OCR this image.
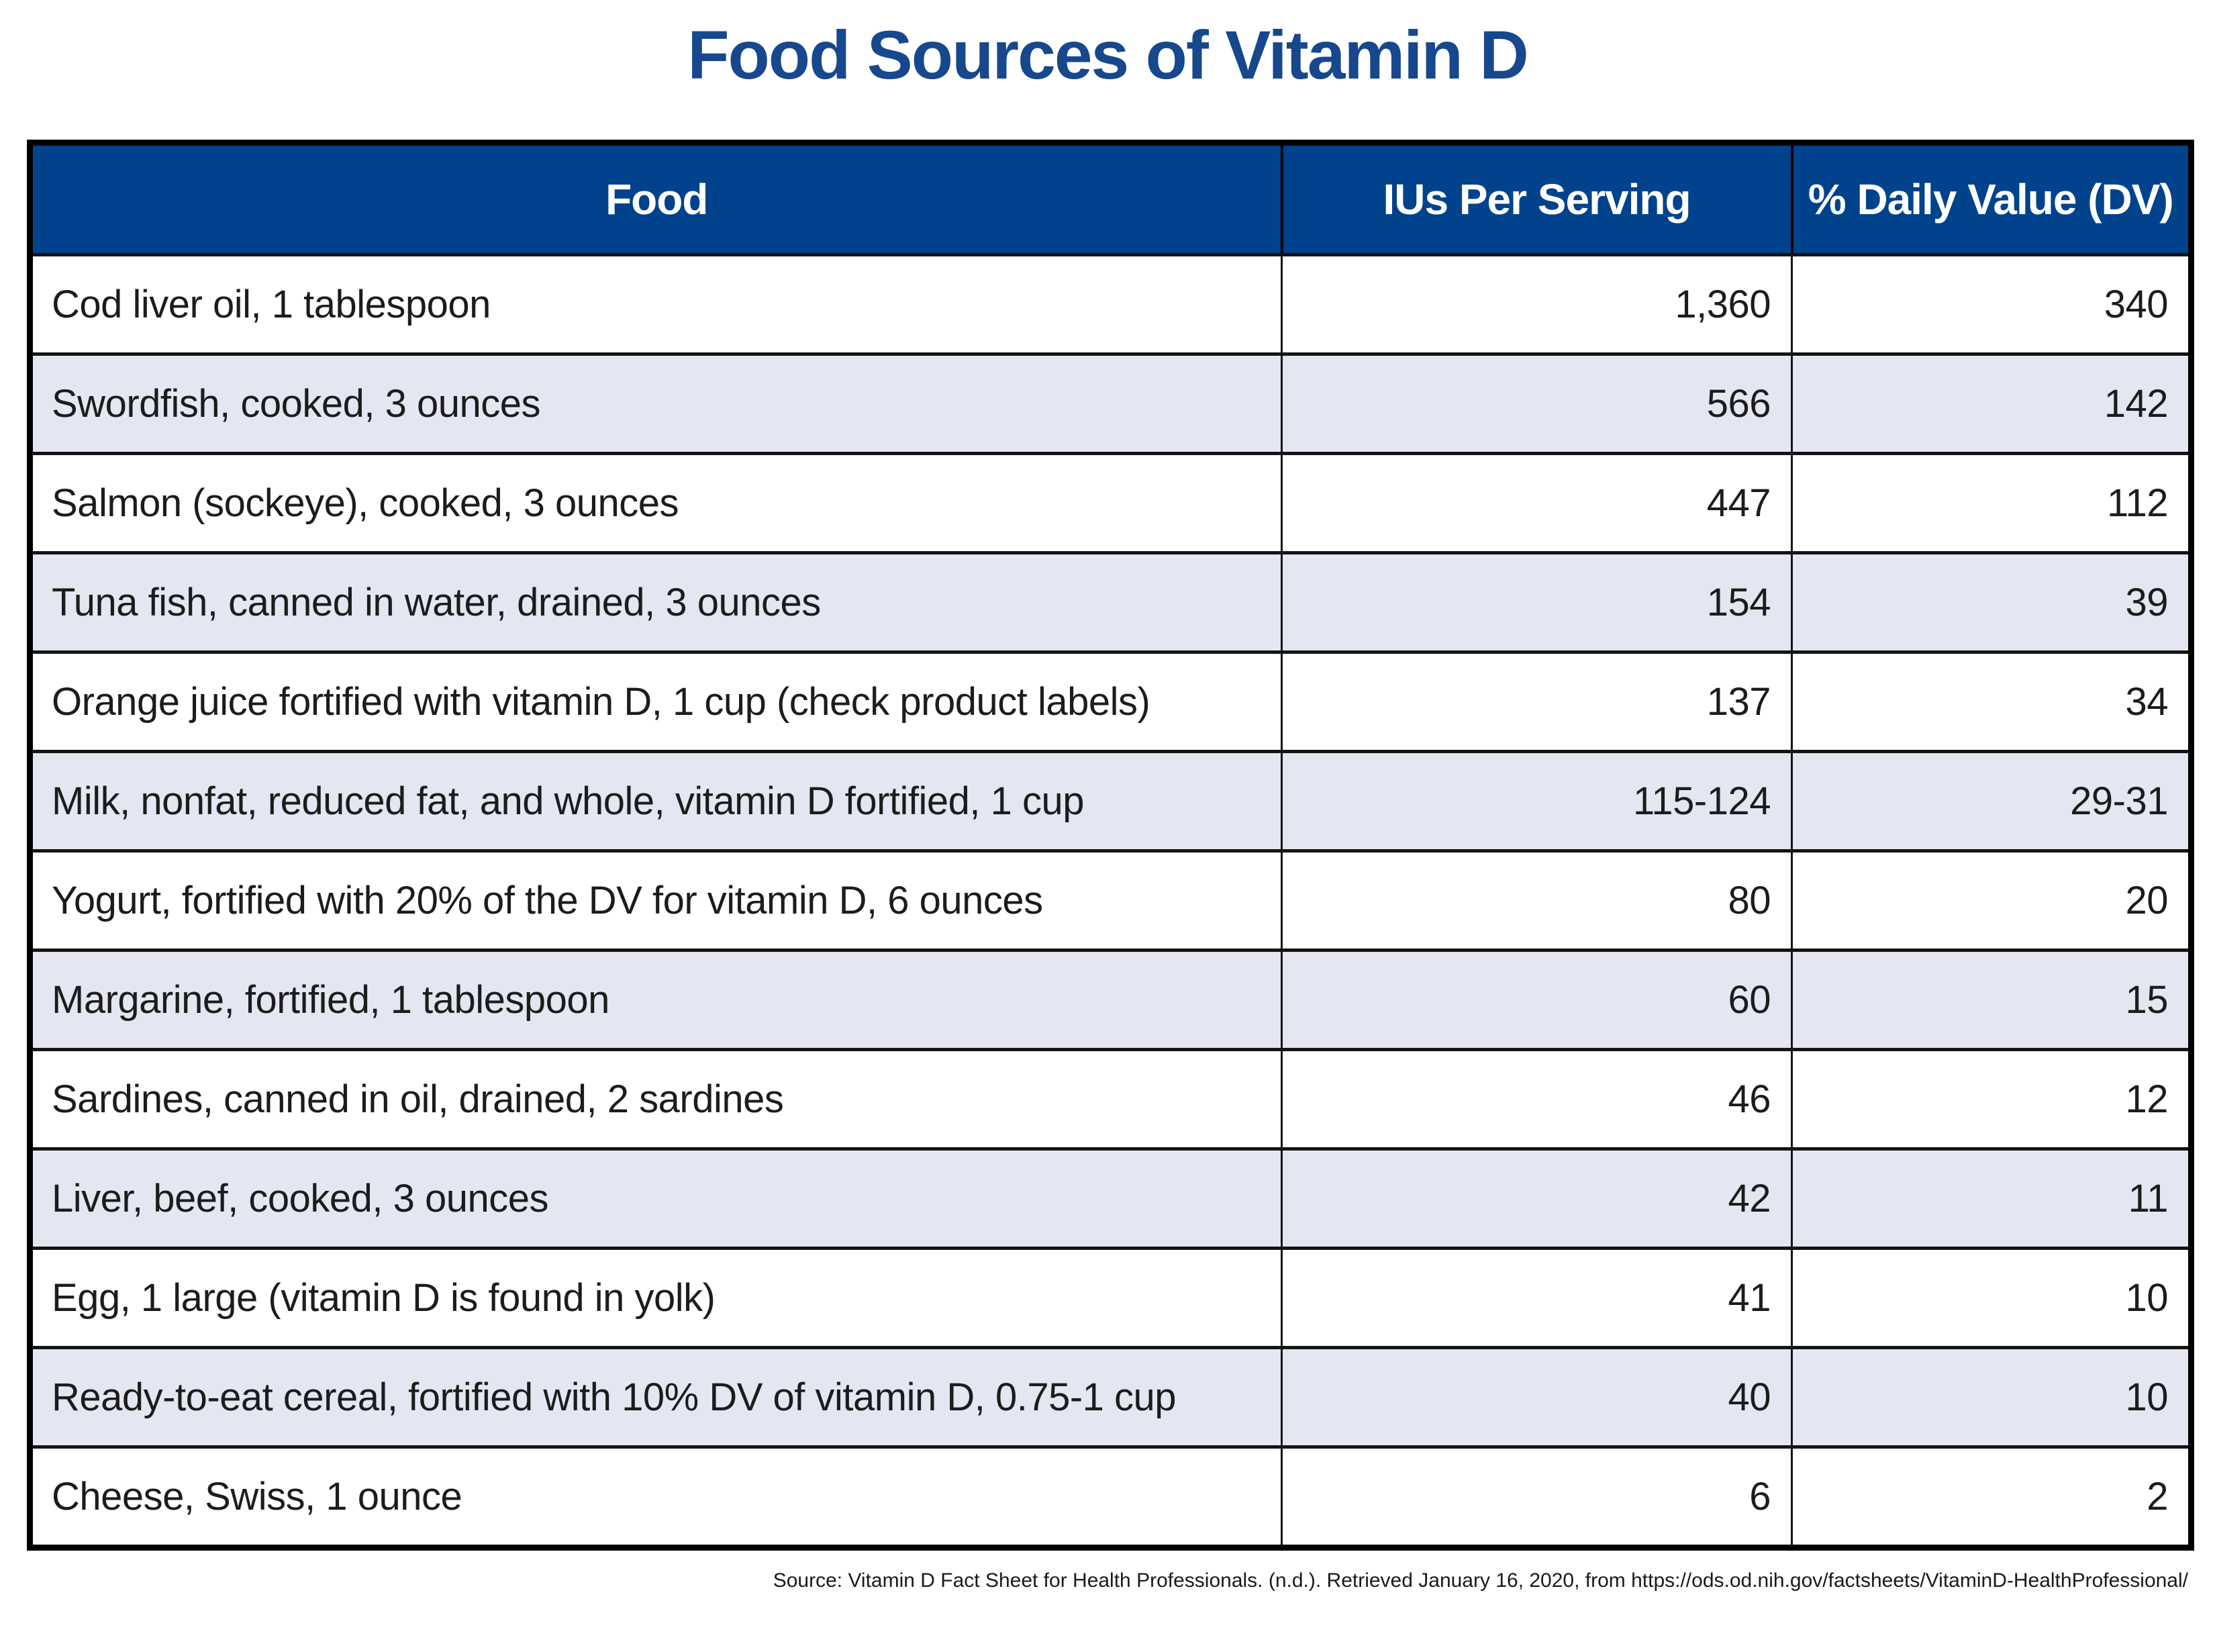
Food Sources of Vitamin D
Food	IUs Per Serving	% Daily Value (DV)
Cod liver oil, 1 tablespoon	1,360	340
Swordfish, cooked, 3 ounces	566	142
Salmon (sockeye), cooked, 3 ounces	447	112
Tuna fish, canned in water, drained, 3 ounces	154	39
Orange juice fortified with vitamin D, 1 cup (check product labels)	137	34
Milk, nonfat, reduced fat, and whole, vitamin D fortified, 1 cup	115-124	29-31
Yogurt, fortified with 20% of the DV for vitamin D, 6 ounces	80	20
Margarine, fortified, 1 tablespoon	60	15
Sardines, canned in oil, drained, 2 sardines	46	12
Liver, beef, cooked, 3 ounces	42	11
Egg, 1 large (vitamin D is found in yolk)	41	10
Ready-to-eat cereal, fortified with 10% DV of vitamin D, 0.75-1 cup	40	10
Cheese, Swiss, 1 ounce	6	2
Source: Vitamin D Fact Sheet for Health Professionals. (n.d.). Retrieved January 16, 2020, from https://ods.od.nih.gov/factsheets/VitaminD-HealthProfessional/
